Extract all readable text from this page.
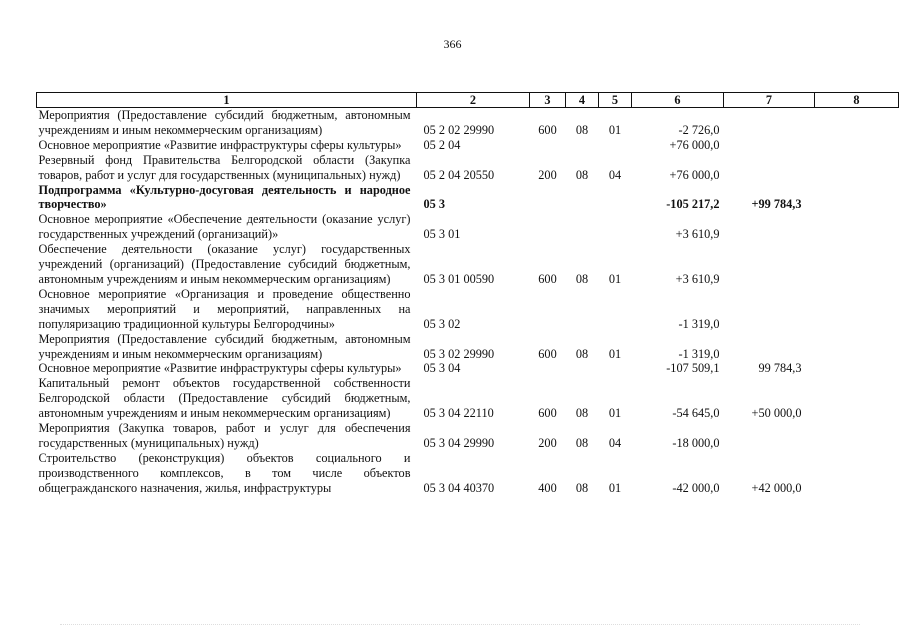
366
1	2	3	4	5	6	7	8
Мероприятия (Предоставление субсидий бюджетным, автономным учреждениям и иным некоммерческим организациям)	05 2 02 29990	600	08	01	-2 726,0		
Основное мероприятие «Развитие инфраструктуры сферы культуры»	05 2 04				+76 000,0		
Резервный фонд Правительства Белгородской области (Закупка товаров, работ и услуг для государственных (муниципальных) нужд)	05 2 04 20550	200	08	04	+76 000,0		
Подпрограмма «Культурно-досуговая деятельность и народное творчество»	05 3				-105 217,2	+99 784,3	
Основное мероприятие «Обеспечение деятельности (оказание услуг) государственных учреждений (организаций)»	05 3 01				+3 610,9		
Обеспечение деятельности (оказание услуг) государственных учреждений (организаций) (Предоставление субсидий бюджетным, автономным учреждениям и иным некоммерческим организациям)	05 3 01 00590	600	08	01	+3 610,9		
Основное мероприятие «Организация и проведение общественно значимых мероприятий и мероприятий, направленных на популяризацию традиционной культуры Белгородчины»	05 3 02				-1 319,0		
Мероприятия (Предоставление субсидий бюджетным, автономным учреждениям и иным некоммерческим организациям)	05 3 02 29990	600	08	01	-1 319,0		
Основное мероприятие «Развитие инфраструктуры сферы культуры»	05 3 04				-107 509,1	99 784,3	
Капитальный ремонт объектов государственной собственности Белгородской области (Предоставление субсидий бюджетным, автономным учреждениям и иным некоммерческим организациям)	05 3 04 22110	600	08	01	-54 645,0	+50 000,0	
Мероприятия (Закупка товаров, работ и услуг для обеспечения государственных (муниципальных) нужд)	05 3 04 29990	200	08	04	-18 000,0		
Строительство (реконструкция) объектов социального и производственного комплексов, в том числе объектов общегражданского назначения, жилья, инфраструктуры	05 3 04 40370	400	08	01	-42 000,0	+42 000,0	
